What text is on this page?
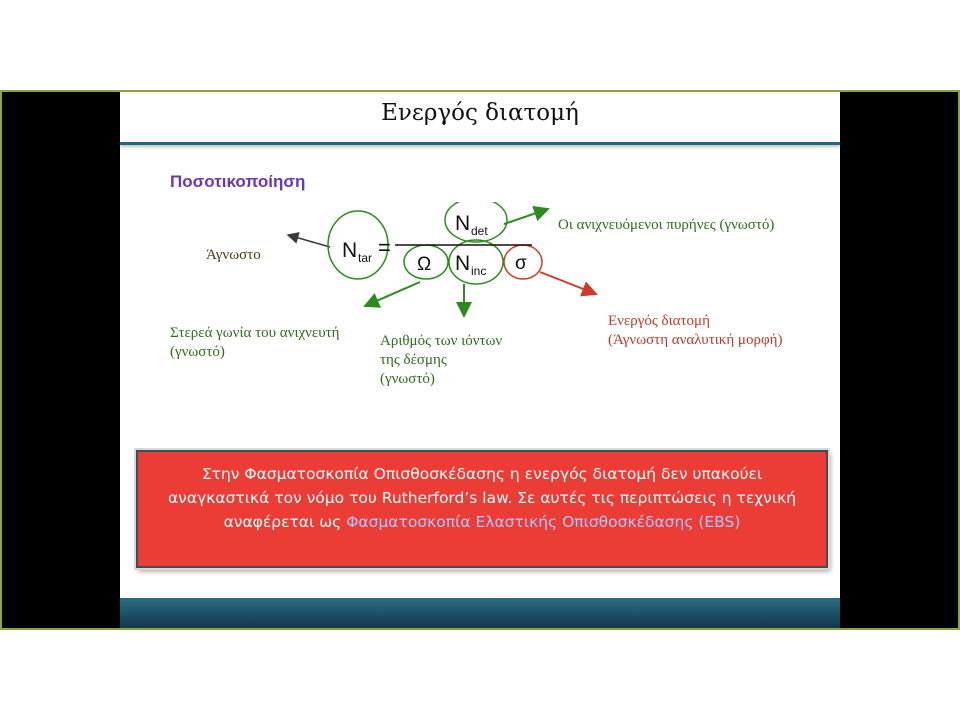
Ενεργός διατομή
Ποσοτικοποίηση
N tar =
N det
Ω N inc σ
Άγνωστο
Οι ανιχνευόμενοι πυρήνες (γνωστό)
Στερεά γωνία του ανιχνευτή
(γνωστό)
Αριθμός των ιόντων
της δέσμης
(γνωστό)
Ενεργός διατομή
(Άγνωστη αναλυτική μορφή)
Στην Φασματοσκοπία Οπισθοσκέδασης η ενεργός διατομή δεν υπακούει αναγκαστικά τον νόμο του Rutherford’s law. Σε αυτές τις περιπτώσεις η τεχνική αναφέρεται ως Φασματοσκοπία Ελαστικής Οπισθοσκέδασης (EBS)
